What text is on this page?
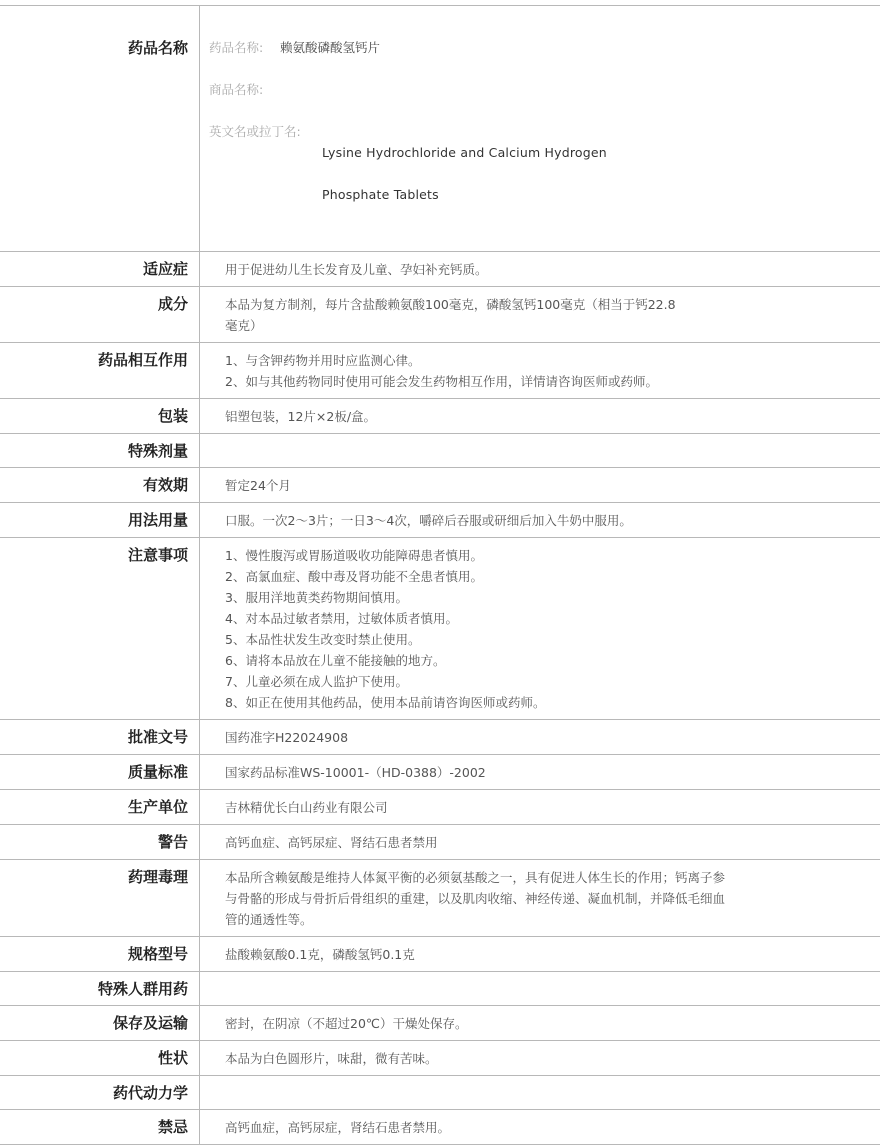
药品名称	药品名称:	赖氨酸磷酸氢钙片

商品名称:

英文名或拉丁名:

Lysine Hydrochloride and Calcium Hydrogen

Phosphate Tablets

适应症	用于促进幼儿生长发育及儿童、孕妇补充钙质。
成分	本品为复方制剂，每片含盐酸赖氨酸100毫克，磷酸氢钙100毫克（相当于钙22.8
毫克）
药品相互作用	1、与含钾药物并用时应监测心律。
2、如与其他药物同时使用可能会发生药物相互作用，详情请咨询医师或药师。
包装	铝塑包装，12片×2板/盒。
特殊剂量
有效期	暂定24个月
用法用量	口服。一次2～3片；一日3～4次，嚼碎后吞服或研细后加入牛奶中服用。
注意事项	1、慢性腹泻或胃肠道吸收功能障碍患者慎用。
2、高氯血症、酸中毒及肾功能不全患者慎用。
3、服用洋地黄类药物期间慎用。
4、对本品过敏者禁用，过敏体质者慎用。
5、本品性状发生改变时禁止使用。
6、请将本品放在儿童不能接触的地方。
7、儿童必须在成人监护下使用。
8、如正在使用其他药品，使用本品前请咨询医师或药师。
批准文号	国药准字H22024908
质量标准	国家药品标准WS-10001-（HD-0388）-2002
生产单位	吉林精优长白山药业有限公司
警告	高钙血症、高钙尿症、肾结石患者禁用
药理毒理	本品所含赖氨酸是维持人体氮平衡的必须氨基酸之一，具有促进人体生长的作用；钙离子参
与骨骼的形成与骨折后骨组织的重建，以及肌肉收缩、神经传递、凝血机制，并降低毛细血
管的通透性等。
规格型号	盐酸赖氨酸0.1克，磷酸氢钙0.1克
特殊人群用药
保存及运输	密封，在阴凉（不超过20℃）干燥处保存。
性状	本品为白色圆形片，味甜，微有苦味。
药代动力学
禁忌	高钙血症，高钙尿症，肾结石患者禁用。
